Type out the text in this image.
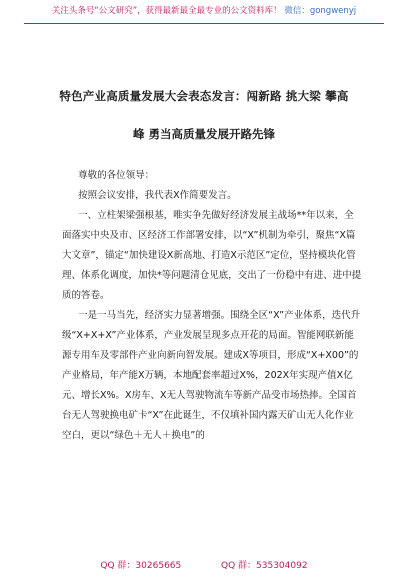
关注头条号“公文研究”，获得最新最全最专业的公文资料库！ 微信：gongwenyj
特色产业高质量发展大会表态发言：闯新路 挑大梁 攀高
峰 勇当高质量发展开路先锋

尊敬的各位领导：

按照会议安排，我代表X作简要发言。

一、立柱架梁强根基，唯实争先做好经济发展主战场**年以来，全面落实中央及市、区经济工作部署安排，以“X”机制为牵引，聚焦“X篇大文章”，锚定“加快建设X新高地、打造X示范区”定位，坚持模块化管理、体系化调度，加快*等问题清仓见底，交出了一份稳中有进、进中提质的答卷。

一是一马当先，经济实力显著增强。围绕全区“X”产业体系，迭代升级“X+X+X”产业体系，产业发展呈现多点开花的局面。智能网联新能源专用车及零部件产业向新向智发展。建成X等项目，形成“X+X00”的产业格局，年产能X万辆，本地配套率超过X%，202X年实现产值X亿元、增长X%。X房车、X无人驾驶物流车等新产品受市场热捧。全国首台无人驾驶换电矿卡“X”在此诞生，不仅填补国内露天矿山无人化作业空白，更以“绿色＋无人＋换电”的

QQ 群：30265665	QQ 群：535304092
